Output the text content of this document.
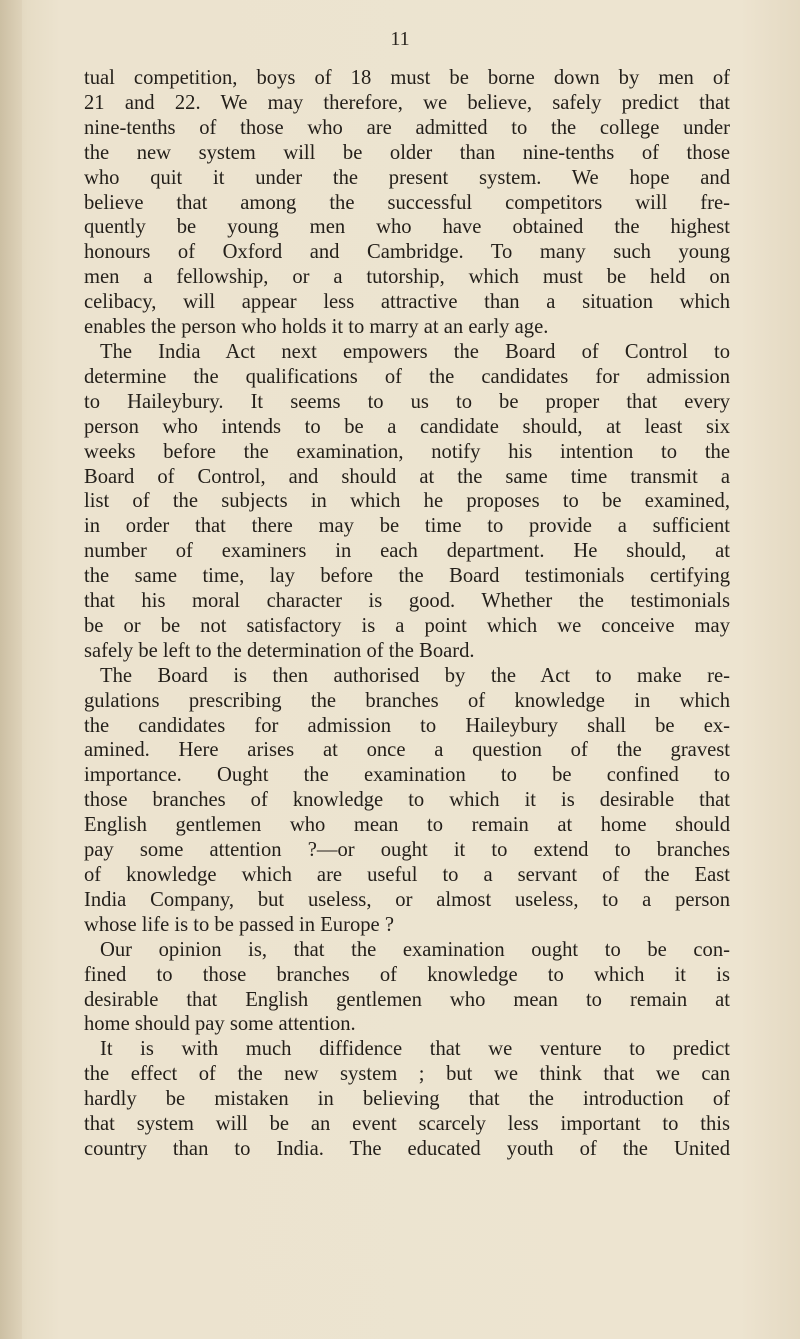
11
tual competition, boys of 18 must be borne down by men of
21 and 22. We may therefore, we believe, safely predict that
nine-tenths of those who are admitted to the college under
the new system will be older than nine-tenths of those
who quit it under the present system. We hope and
believe that among the successful competitors will fre-
quently be young men who have obtained the highest
honours of Oxford and Cambridge. To many such young
men a fellowship, or a tutorship, which must be held on
celibacy, will appear less attractive than a situation which
enables the person who holds it to marry at an early age.
The India Act next empowers the Board of Control to
determine the qualifications of the candidates for admission
to Haileybury. It seems to us to be proper that every
person who intends to be a candidate should, at least six
weeks before the examination, notify his intention to the
Board of Control, and should at the same time transmit a
list of the subjects in which he proposes to be examined,
in order that there may be time to provide a sufficient
number of examiners in each department. He should, at
the same time, lay before the Board testimonials certifying
that his moral character is good. Whether the testimonials
be or be not satisfactory is a point which we conceive may
safely be left to the determination of the Board.
The Board is then authorised by the Act to make re-
gulations prescribing the branches of knowledge in which
the candidates for admission to Haileybury shall be ex-
amined. Here arises at once a question of the gravest
importance. Ought the examination to be confined to
those branches of knowledge to which it is desirable that
English gentlemen who mean to remain at home should
pay some attention ?—or ought it to extend to branches
of knowledge which are useful to a servant of the East
India Company, but useless, or almost useless, to a person
whose life is to be passed in Europe ?
Our opinion is, that the examination ought to be con-
fined to those branches of knowledge to which it is
desirable that English gentlemen who mean to remain at
home should pay some attention.
It is with much diffidence that we venture to predict
the effect of the new system ; but we think that we can
hardly be mistaken in believing that the introduction of
that system will be an event scarcely less important to this
country than to India. The educated youth of the United
